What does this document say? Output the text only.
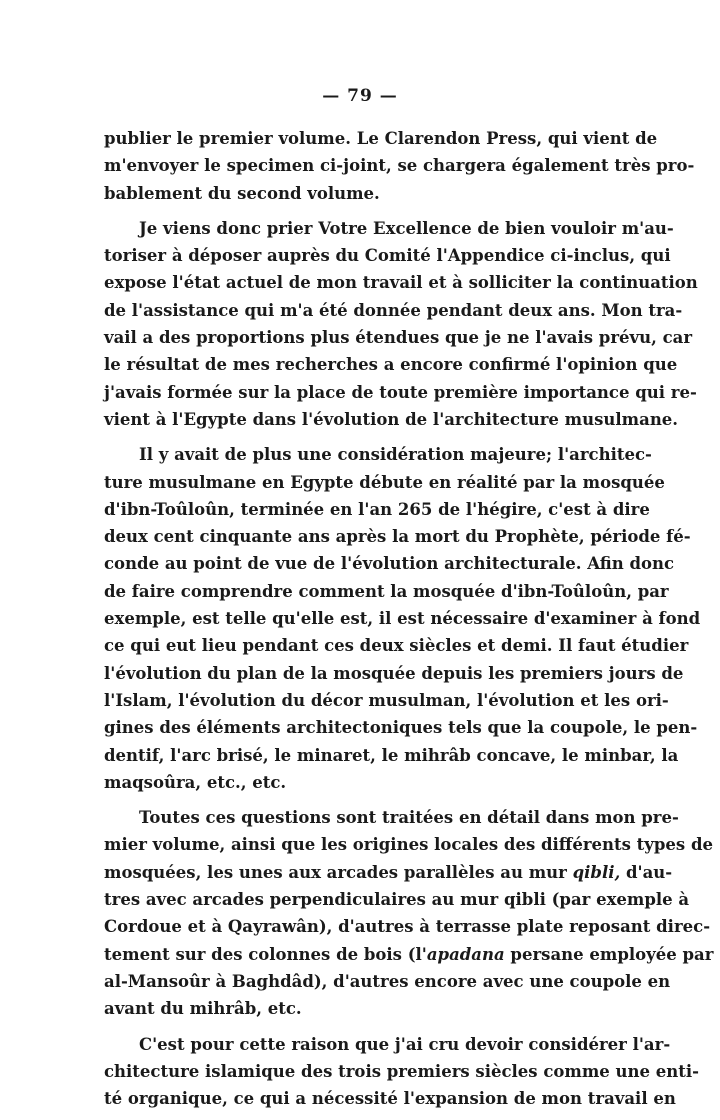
— 79 —
publier le premier volume. Le Clarendon Press, qui vient de
m'envoyer le specimen ci-joint, se chargera également très pro-
bablement du second volume.
Je viens donc prier Votre Excellence de bien vouloir m'au-
toriser à déposer auprès du Comité l'Appendice ci-inclus, qui
expose l'état actuel de mon travail et à solliciter la continuation
de l'assistance qui m'a été donnée pendant deux ans. Mon tra-
vail a des proportions plus étendues que je ne l'avais prévu, car
le résultat de mes recherches a encore confirmé l'opinion que
j'avais formée sur la place de toute première importance qui re-
vient à l'Egypte dans l'évolution de l'architecture musulmane.
Il y avait de plus une considération majeure; l'architec-
ture musulmane en Egypte débute en réalité par la mosquée
d'ibn-Toûloûn, terminée en l'an 265 de l'hégire, c'est à dire
deux cent cinquante ans après la mort du Prophète, période fé-
conde au point de vue de l'évolution architecturale. Afin donc
de faire comprendre comment la mosquée d'ibn-Toûloûn, par
exemple, est telle qu'elle est, il est nécessaire d'examiner à fond
ce qui eut lieu pendant ces deux siècles et demi. Il faut étudier
l'évolution du plan de la mosquée depuis les premiers jours de
l'Islam, l'évolution du décor musulman, l'évolution et les ori-
gines des éléments architectoniques tels que la coupole, le pen-
dentif, l'arc brisé, le minaret, le mihrâb concave, le minbar, la
maqsoûra, etc., etc.
Toutes ces questions sont traitées en détail dans mon pre-
mier volume, ainsi que les origines locales des différents types de
mosquées, les unes aux arcades parallèles au mur qibli, d'au-
tres avec arcades perpendiculaires au mur qibli (par exemple à
Cordoue et à Qayrawân), d'autres à terrasse plate reposant direc-
tement sur des colonnes de bois (l'apadana persane employée par
al-Mansoûr à Baghdâd), d'autres encore avec une coupole en
avant du mihrâb, etc.
C'est pour cette raison que j'ai cru devoir considérer l'ar-
chitecture islamique des trois premiers siècles comme une enti-
té organique, ce qui a nécessité l'expansion de mon travail en
